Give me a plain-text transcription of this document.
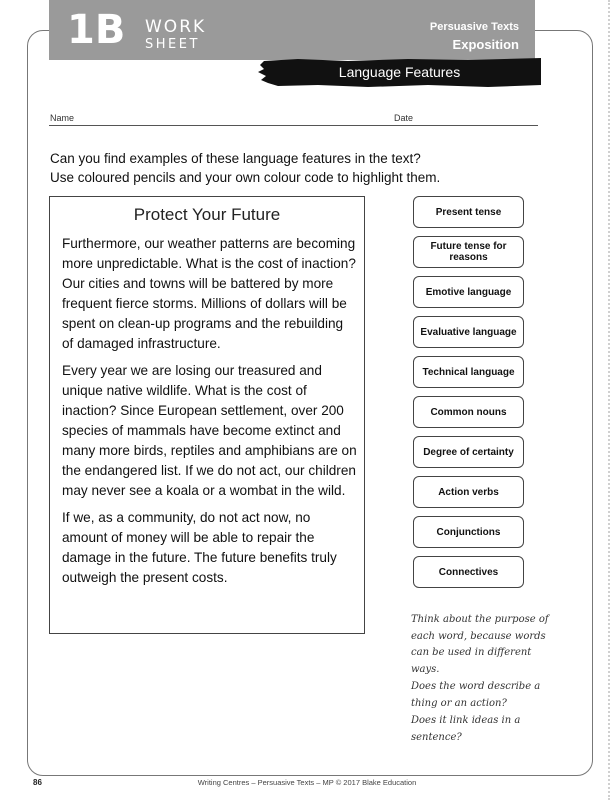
1B WORK
SHEET
Persuasive Texts
Exposition
Language Features
Name	Date
Can you find examples of these language features in the text?
Use coloured pencils and your own colour code to highlight them.
Protect Your Future

Furthermore, our weather patterns are becoming more unpredictable. What is the cost of inaction? Our cities and towns will be battered by more frequent fierce storms. Millions of dollars will be spent on clean-up programs and the rebuilding of damaged infrastructure.

Every year we are losing our treasured and unique native wildlife. What is the cost of inaction? Since European settlement, over 200 species of mammals have become extinct and many more birds, reptiles and amphibians are on the endangered list. If we do not act, our children may never see a koala or a wombat in the wild.

If we, as a community, do not act now, no amount of money will be able to repair the damage in the future. The future benefits truly outweigh the present costs.

Present tense
Future tense for reasons
Emotive language
Evaluative language
Technical language
Common nouns
Degree of certainty
Action verbs
Conjunctions
Connectives

Think about the purpose of each word, because words can be used in different ways.

Does the word describe a thing or an action?

Does it link ideas in a sentence?

Writing Centres – Persuasive Texts – MP © 2017 Blake Education
86
